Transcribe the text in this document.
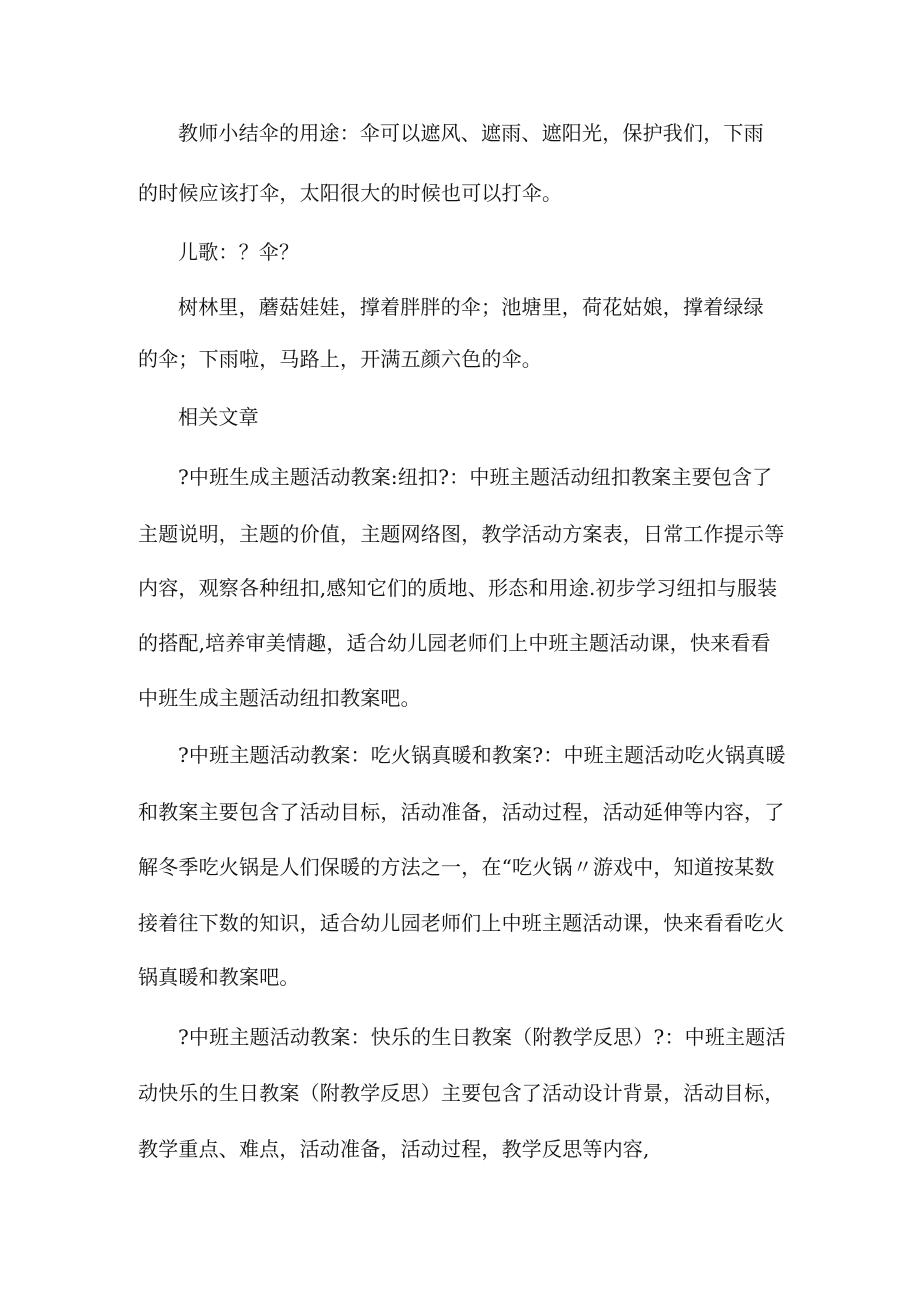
教师小结伞的用途：伞可以遮风、遮雨、遮阳光，保护我们，下雨
的时候应该打伞，太阳很大的时候也可以打伞。
儿歌：？伞？
树林里，蘑菇娃娃，撑着胖胖的伞；池塘里，荷花姑娘，撑着绿绿
的伞；下雨啦，马路上，开满五颜六色的伞。
相关文章
?中班生成主题活动教案:纽扣?：中班主题活动纽扣教案主要包含了
主题说明，主题的价值，主题网络图，教学活动方案表，日常工作提示等
内容，观察各种纽扣,感知它们的质地、形态和用途.初步学习纽扣与服装
的搭配,培养审美情趣，适合幼儿园老师们上中班主题活动课，快来看看
中班生成主题活动纽扣教案吧。
?中班主题活动教案：吃火锅真暖和教案?：中班主题活动吃火锅真暖
和教案主要包含了活动目标，活动准备，活动过程，活动延伸等内容，了
解冬季吃火锅是人们保暖的方法之一，在“吃火锅〃游戏中，知道按某数
接着往下数的知识，适合幼儿园老师们上中班主题活动课，快来看看吃火
锅真暖和教案吧。
?中班主题活动教案：快乐的生日教案（附教学反思）?：中班主题活
动快乐的生日教案（附教学反思）主要包含了活动设计背景，活动目标，
教学重点、难点，活动准备，活动过程，教学反思等内容,
